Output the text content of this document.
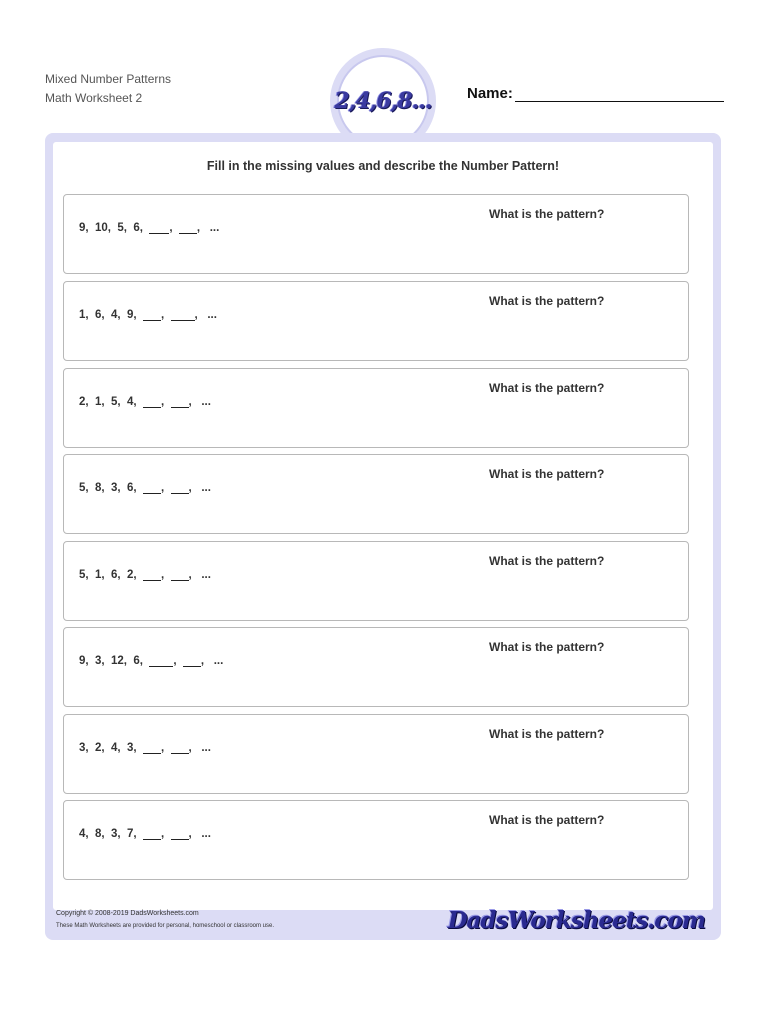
Mixed Number Patterns
Math Worksheet 2	2,4,6,8... Name:
Fill in the missing values and describe the Number Pattern!
9,  10,  5,  6, ,  ,   ...
What is the pattern?
1,  6,  4,  9, ,  ,   ...
What is the pattern?
2,  1,  5,  4, ,  ,   ...
What is the pattern?
5,  8,  3,  6, ,  ,   ...
What is the pattern?
5,  1,  6,  2, ,  ,   ...
What is the pattern?
9,  3,  12,  6,	,  ,   ...
What is the pattern?
3,  2,  4,  3, ,  ,   ...
What is the pattern?
4,  8,  3,  7, ,  ,   ...
What is the pattern?
Copyright © 2008-2019 DadsWorksheets.com
These Math Worksheets are provided for personal, homeschool or classroom use.	DadsWorksheets.com
